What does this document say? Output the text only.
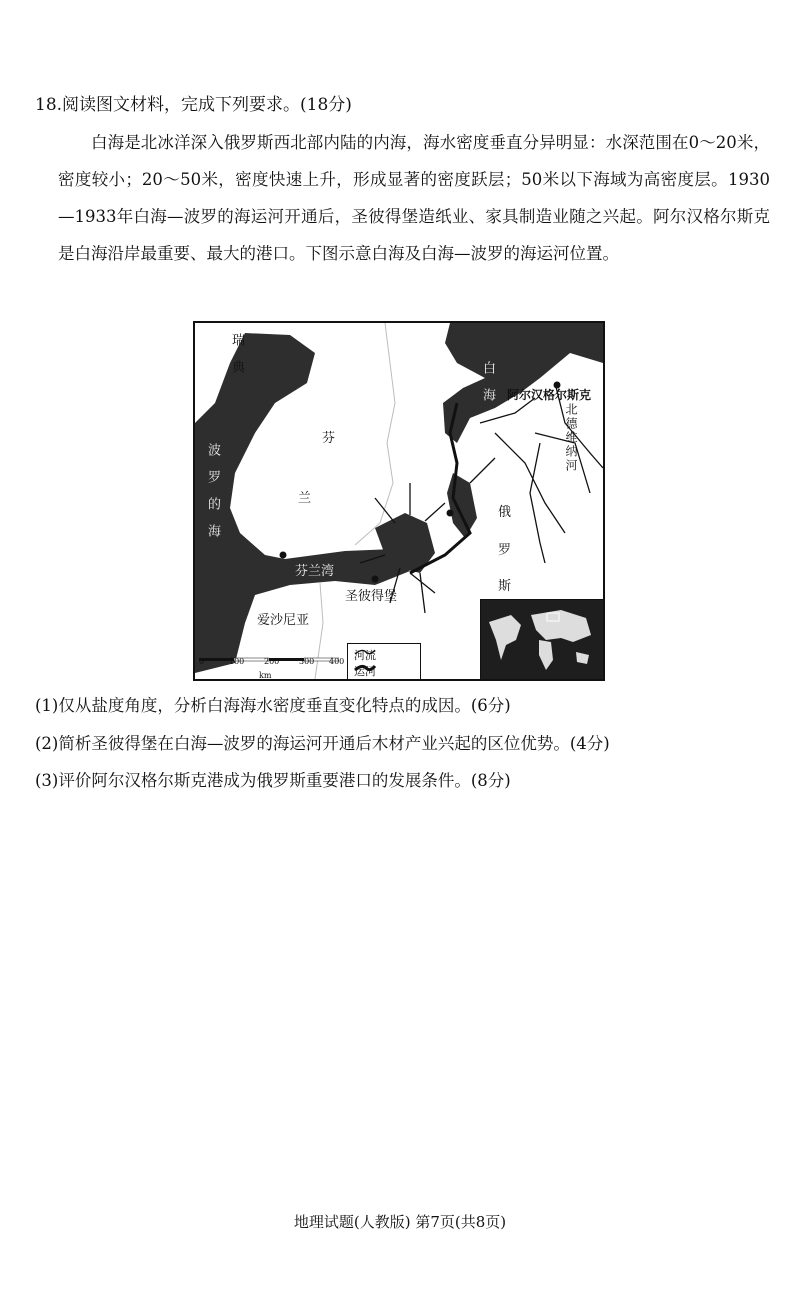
18.阅读图文材料，完成下列要求。(18分)
白海是北冰洋深入俄罗斯西北部内陆的内海，海水密度垂直分异明显：水深范围在0～20米，密度较小；20～50米，密度快速上升，形成显著的密度跃层；50米以下海域为高密度层。1930—1933年白海—波罗的海运河开通后，圣彼得堡造纸业、家具制造业随之兴起。阿尔汉格尔斯克是白海沿岸最重要、最大的港口。下图示意白海及白海—波罗的海运河位置。
瑞典
波罗的海
芬
兰
白海 阿尔汉格尔斯克
北德维纳河
俄
罗
斯
芬兰湾
圣彼得堡
爱沙尼亚
河流
运河
0	100 200 300 400
km
(1)仅从盐度角度，分析白海海水密度垂直变化特点的成因。(6分)
(2)简析圣彼得堡在白海—波罗的海运河开通后木材产业兴起的区位优势。(4分)
(3)评价阿尔汉格尔斯克港成为俄罗斯重要港口的发展条件。(8分)
地理试题(人教版) 第7页(共8页)
